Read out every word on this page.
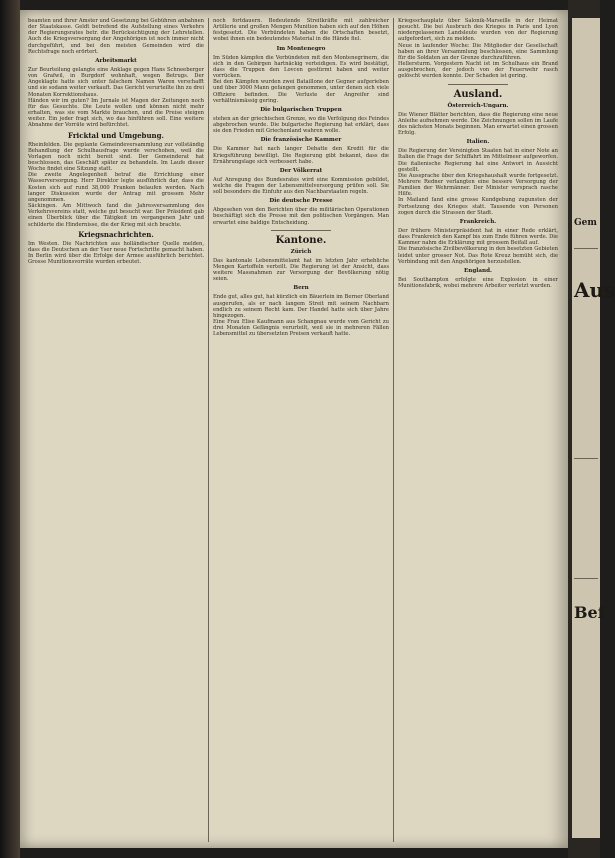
beamten und ihrer Amster und Gesetzung bei Gebühren anbahnen der Staatskasse. Geldt betrefend die Aufstellung eines Verkehrs der Regierungsrates betr. die Berücksichtigung der Lehrstellen. Auch die Kriegsversorgung der Angehörigen ist noch immer nicht durchgeführt, und bei den meisten Gemeinden wird die Rechtsfrage noch erörtert.

Arbeitsmarkt

Zur Beurteilung gelangte eine Anklage gegen Hans Schneeberger von Grafwil, in Burgdorf wohnhaft, wegen Betrugs. Der Angeklagte hatte sich unter falschem Namen Waren verschafft und sie sodann weiter verkauft. Das Gericht verurteilte ihn zu drei Monaten Korrektionshaus.

Händen wir im guten? Im Jurnale ist Magen der Zeitungen noch für das Gesuchte. Die Leute wollen und können nicht mehr erhalten, was sie vom Markte brauchen, und die Preise steigen weiter. Ein jeder fragt sich, wo das hinführen soll. Eine weitere Abnahme der Vorräte wird befürchtet.

Fricktal und Umgebung.

Rheinfelden. Die geplante Gemeindeversammlung zur vollständig Behandlung der Schulhausfrage wurde verschoben, weil die Vorlagen noch nicht bereit sind. Der Gemeinderat hat beschlossen, das Geschäft später zu behandeln. Im Laufe dieser Woche findet eine Sitzung statt.

Die zweite Angelegenheit betraf die Errichtung einer Wasserversorgung. Herr Direktor legte ausführlich dar, dass die Kosten sich auf rund 38,000 Franken belaufen werden. Nach langer Diskussion wurde der Antrag mit grossem Mehr angenommen.

Säckingen. Am Mittwoch fand die Jahresversammlung des Verkehrsvereins statt, welche gut besucht war. Der Präsident gab einen Überblick über die Tätigkeit im vergangenen Jahr und schilderte die Hindernisse, die der Krieg mit sich brachte.

Kriegsnachrichten.

Im Westen. Die Nachrichten aus holländischer Quelle melden, dass die Deutschen an der Yser neue Fortschritte gemacht haben. In Berlin wird über die Erfolge der Armee ausführlich berichtet. Grosse Munitionsvorräte wurden erbeutet.

noch fortdauern. Bedeutende Streitkräfte mit zahlreicher Artillerie und großen Mengen Munition haben sich auf den Höhen festgesetzt. Die Verbündeten haben die Ortschaften besetzt, wobei ihnen ein bedeutendes Material in die Hände fiel.

Im Montenegro

Im Süden kämpfen die Verbündeten mit den Montenegrinern, die sich in den Gebirgen hartnäckig verteidigen. Es wird bestätigt, dass die Truppen den Lovcen gestürmt haben und weiter vorrücken.

Bei den Kämpfen wurden zwei Bataillone der Gegner aufgerieben und über 3000 Mann gefangen genommen, unter denen sich viele Offiziere befinden. Die Verluste der Angreifer sind verhältnismässig gering.

Die bulgarischen Truppen

stehen an der griechischen Grenze, wo die Verfolgung des Feindes abgebrochen wurde. Die bulgarische Regierung hat erklärt, dass sie den Frieden mit Griechenland wahren wolle.

Die französische Kammer

Die Kammer hat nach langer Debatte den Kredit für die Kriegsführung bewilligt. Die Regierung gibt bekannt, dass die Ernährungslage sich verbessert habe.

Der Völkerrat

Auf Anregung des Bundesrates wird eine Kommission gebildet, welche die Fragen der Lebensmittelversorgung prüfen soll. Sie soll besonders die Einfuhr aus den Nachbarstaaten regeln.

Die deutsche Presse

Abgesehen von den Berichten über die militärischen Operationen beschäftigt sich die Presse mit den politischen Vorgängen. Man erwartet eine baldige Entscheidung.

Kantone.

Zürich

Das kantonale Lebensmittelamt hat im letzten Jahr erhebliche Mengen Kartoffeln verteilt. Die Regierung ist der Ansicht, dass weitere Massnahmen zur Versorgung der Bevölkerung nötig seien.

Bern

Ende gut, alles gut, hat kürzlich ein Bäuerlein im Berner Oberland ausgerufen, als er nach langem Streit mit seinem Nachbarn endlich zu seinem Recht kam. Der Handel hatte sich über Jahre hingezogen.

Eine Frau Elise Kaufmann aus Schangnau wurde vom Gericht zu drei Monaten Gefängnis verurteilt, weil sie in mehreren Fällen Lebensmittel zu übersetzten Preisen verkauft hatte.

Kriegsschauplatz über Salonik-Marseille in der Heimat gesucht. Die bei Ausbruch des Krieges in Paris und Lyon niedergelassenen Landsleute wurden von der Regierung aufgefordert, sich zu melden.

Neue in laufender Woche: Die Mitglieder der Gesellschaft haben an ihrer Versammlung beschlossen, eine Sammlung für die Soldaten an der Grenze durchzuführen.

Hellersturm. Vorgestern Nacht ist im Schulhaus ein Brand ausgebrochen, der jedoch von der Feuerwehr rasch gelöscht werden konnte. Der Schaden ist gering.

Ausland.

Österreich-Ungarn.

Die Wiener Blätter berichten, dass die Regierung eine neue Anleihe aufnehmen werde. Die Zeichnungen sollen im Laufe des nächsten Monats beginnen. Man erwartet einen grossen Erfolg.

Italien.

Die Regierung der Vereinigten Staaten hat in einer Note an Italien die Frage der Schiffahrt im Mittelmeer aufgeworfen. Die italienische Regierung hat eine Antwort in Aussicht gestellt.

Die Aussprache über den Kriegshaushalt wurde fortgesetzt. Mehrere Redner verlangten eine bessere Versorgung der Familien der Wehrmänner. Der Minister versprach rasche Hilfe.

In Mailand fand eine grosse Kundgebung zugunsten der Fortsetzung des Krieges statt. Tausende von Personen zogen durch die Strassen der Stadt.

Frankreich.

Der frühere Ministerpräsident hat in einer Rede erklärt, dass Frankreich den Kampf bis zum Ende führen werde. Die Kammer nahm die Erklärung mit grossem Beifall auf.

Die französische Zivilbevölkerung in den besetzten Gebieten leidet unter grosser Not. Das Rote Kreuz bemüht sich, die Verbindung mit den Angehörigen herzustellen.

England.

Bei Southampton erfolgte eine Explosion in einer Munitionsfabrik, wobei mehrere Arbeiter verletzt wurden.

Gem
Aus
Bef
